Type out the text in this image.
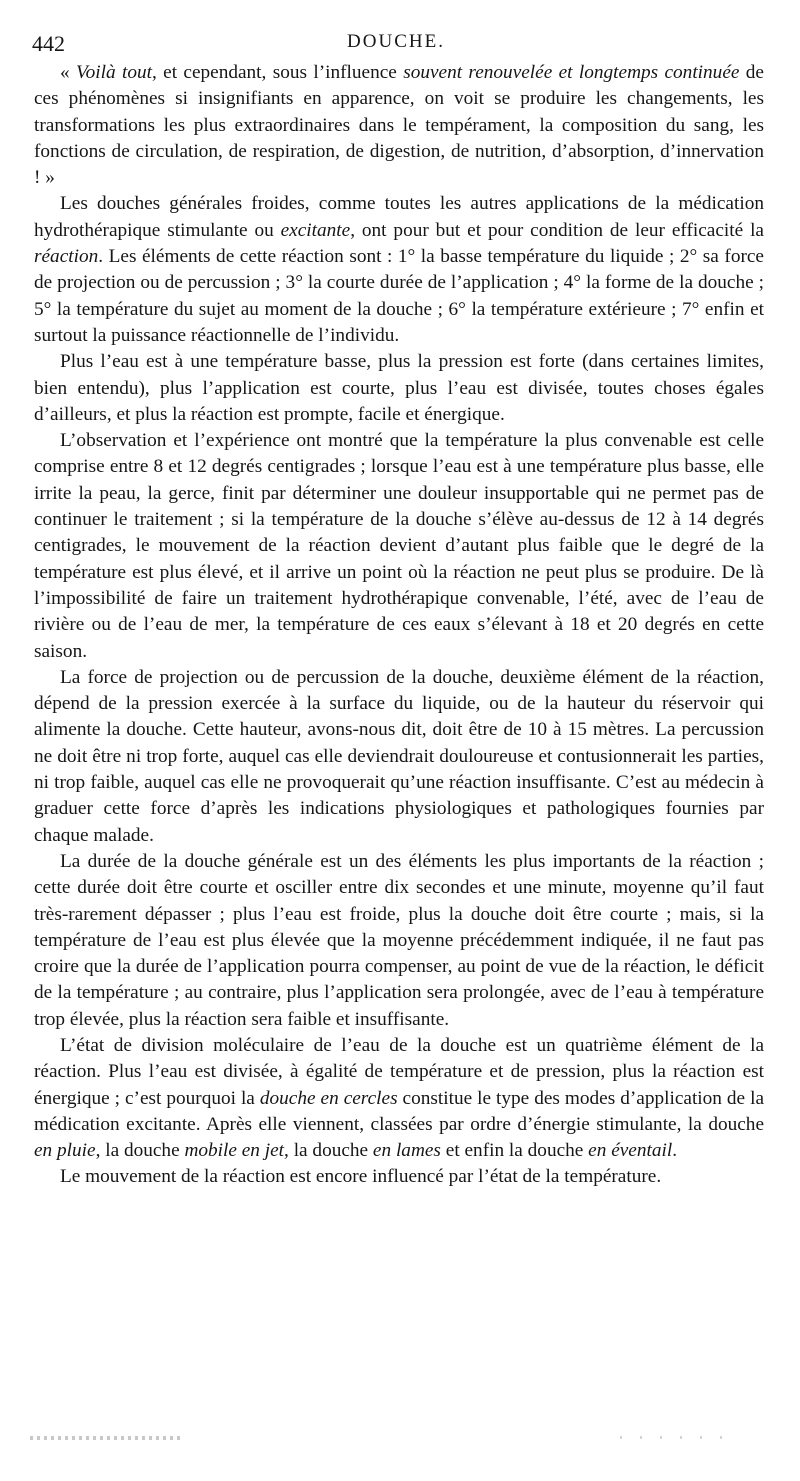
442	DOUCHE.

« Voilà tout, et cependant, sous l’influence souvent renouvelée et longtemps continuée de ces phénomènes si insignifiants en apparence, on voit se produire les changements, les transformations les plus extraordinaires dans le tempérament, la composition du sang, les fonctions de circulation, de respiration, de digestion, de nutrition, d’absorption, d’innervation ! »

Les douches générales froides, comme toutes les autres applications de la médication hydrothérapique stimulante ou excitante, ont pour but et pour condition de leur efficacité la réaction. Les éléments de cette réaction sont : 1° la basse température du liquide ; 2° sa force de projection ou de percussion ; 3° la courte durée de l’application ; 4° la forme de la douche ; 5° la température du sujet au moment de la douche ; 6° la température extérieure ; 7° enfin et surtout la puissance réactionnelle de l’individu.

Plus l’eau est à une température basse, plus la pression est forte (dans certaines limites, bien entendu), plus l’application est courte, plus l’eau est divisée, toutes choses égales d’ailleurs, et plus la réaction est prompte, facile et énergique.

L’observation et l’expérience ont montré que la température la plus convenable est celle comprise entre 8 et 12 degrés centigrades ; lorsque l’eau est à une température plus basse, elle irrite la peau, la gerce, finit par déterminer une douleur insupportable qui ne permet pas de continuer le traitement ; si la température de la douche s’élève au-dessus de 12 à 14 degrés centigrades, le mouvement de la réaction devient d’autant plus faible que le degré de la température est plus élevé, et il arrive un point où la réaction ne peut plus se produire. De là l’impossibilité de faire un traitement hydrothérapique convenable, l’été, avec de l’eau de rivière ou de l’eau de mer, la température de ces eaux s’élevant à 18 et 20 degrés en cette saison.

La force de projection ou de percussion de la douche, deuxième élément de la réaction, dépend de la pression exercée à la surface du liquide, ou de la hauteur du réservoir qui alimente la douche. Cette hauteur, avons-nous dit, doit être de 10 à 15 mètres. La percussion ne doit être ni trop forte, auquel cas elle deviendrait douloureuse et contusionnerait les parties, ni trop faible, auquel cas elle ne provoquerait qu’une réaction insuffisante. C’est au médecin à graduer cette force d’après les indications physiologiques et pathologiques fournies par chaque malade.

La durée de la douche générale est un des éléments les plus importants de la réaction ; cette durée doit être courte et osciller entre dix secondes et une minute, moyenne qu’il faut très-rarement dépasser ; plus l’eau est froide, plus la douche doit être courte ; mais, si la température de l’eau est plus élevée que la moyenne précédemment indiquée, il ne faut pas croire que la durée de l’application pourra compenser, au point de vue de la réaction, le déficit de la température ; au contraire, plus l’application sera prolongée, avec de l’eau à température trop élevée, plus la réaction sera faible et insuffisante.

L’état de division moléculaire de l’eau de la douche est un quatrième élément de la réaction. Plus l’eau est divisée, à égalité de température et de pression, plus la réaction est énergique ; c’est pourquoi la douche en cercles constitue le type des modes d’application de la médication excitante. Après elle viennent, classées par ordre d’énergie stimulante, la douche en pluie, la douche mobile en jet, la douche en lames et enfin la douche en éventail.

Le mouvement de la réaction est encore influencé par l’état de la température.
